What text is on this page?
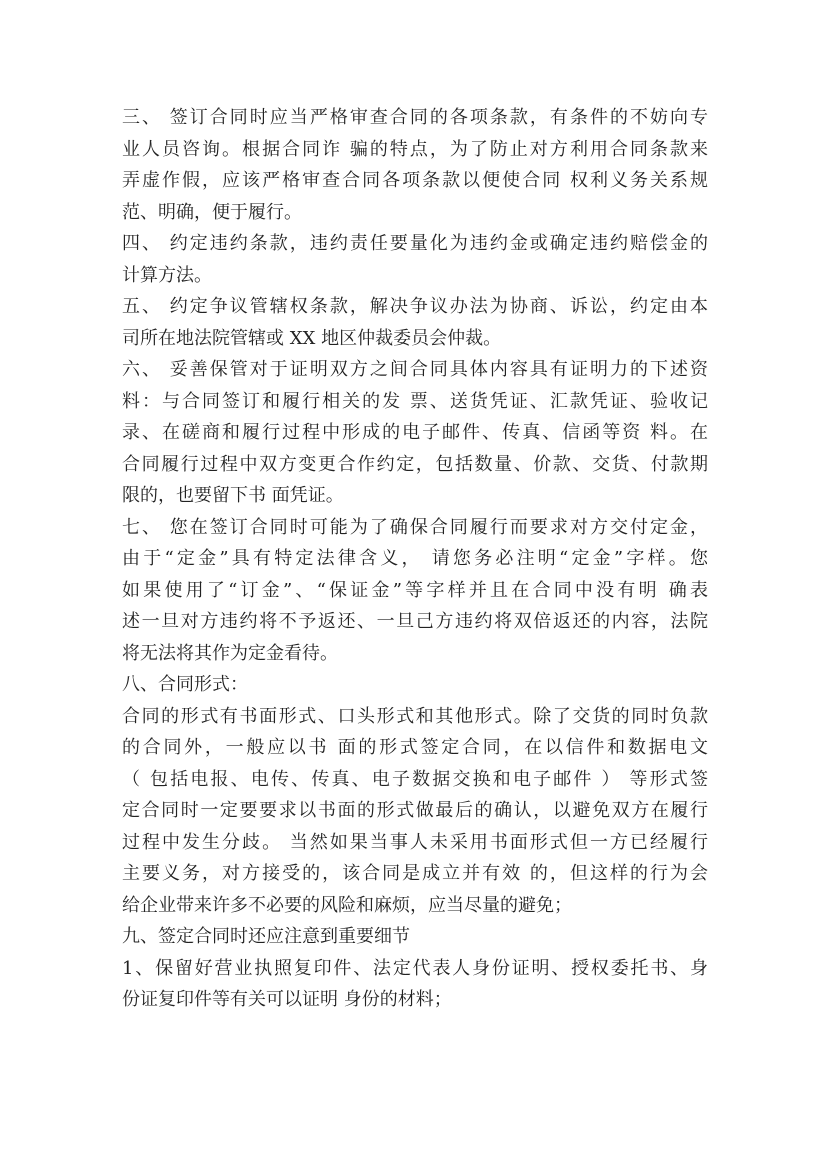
三、 签订合同时应当严格审查合同的各项条款，有条件的不妨向专
业人员咨询。根据合同诈 骗的特点，为了防止对方利用合同条款来
弄虚作假，应该严格审查合同各项条款以便使合同 权利义务关系规
范、明确，便于履行。
四、 约定违约条款，违约责任要量化为违约金或确定违约赔偿金的
计算方法。
五、 约定争议管辖权条款，解决争议办法为协商、诉讼，约定由本
司所在地法院管辖或 XX 地区仲裁委员会仲裁。
六、 妥善保管对于证明双方之间合同具体内容具有证明力的下述资
料：与合同签订和履行相关的发 票、送货凭证、汇款凭证、验收记
录、在磋商和履行过程中形成的电子邮件、传真、信函等资 料。在
合同履行过程中双方变更合作约定，包括数量、价款、交货、付款期
限的，也要留下书 面凭证。
七、 您在签订合同时可能为了确保合同履行而要求对方交付定金，
由于“定金”具有特定法律含义， 请您务必注明“定金”字样。您
如果使用了“订金”、“保证金”等字样并且在合同中没有明 确表
述一旦对方违约将不予返还、一旦己方违约将双倍返还的内容，法院
将无法将其作为定金看待。
八、合同形式：
合同的形式有书面形式、口头形式和其他形式。除了交货的同时负款
的合同外，一般应以书 面的形式签定合同，在以信件和数据电文
（ 包括电报、电传、传真、电子数据交换和电子邮件 ） 等形式签
定合同时一定要要求以书面的形式做最后的确认，以避免双方在履行
过程中发生分歧。 当然如果当事人未采用书面形式但一方已经履行
主要义务，对方接受的，该合同是成立并有效 的，但这样的行为会
给企业带来许多不必要的风险和麻烦，应当尽量的避免；
九、签定合同时还应注意到重要细节
1、保留好营业执照复印件、法定代表人身份证明、授权委托书、身
份证复印件等有关可以证明 身份的材料；
